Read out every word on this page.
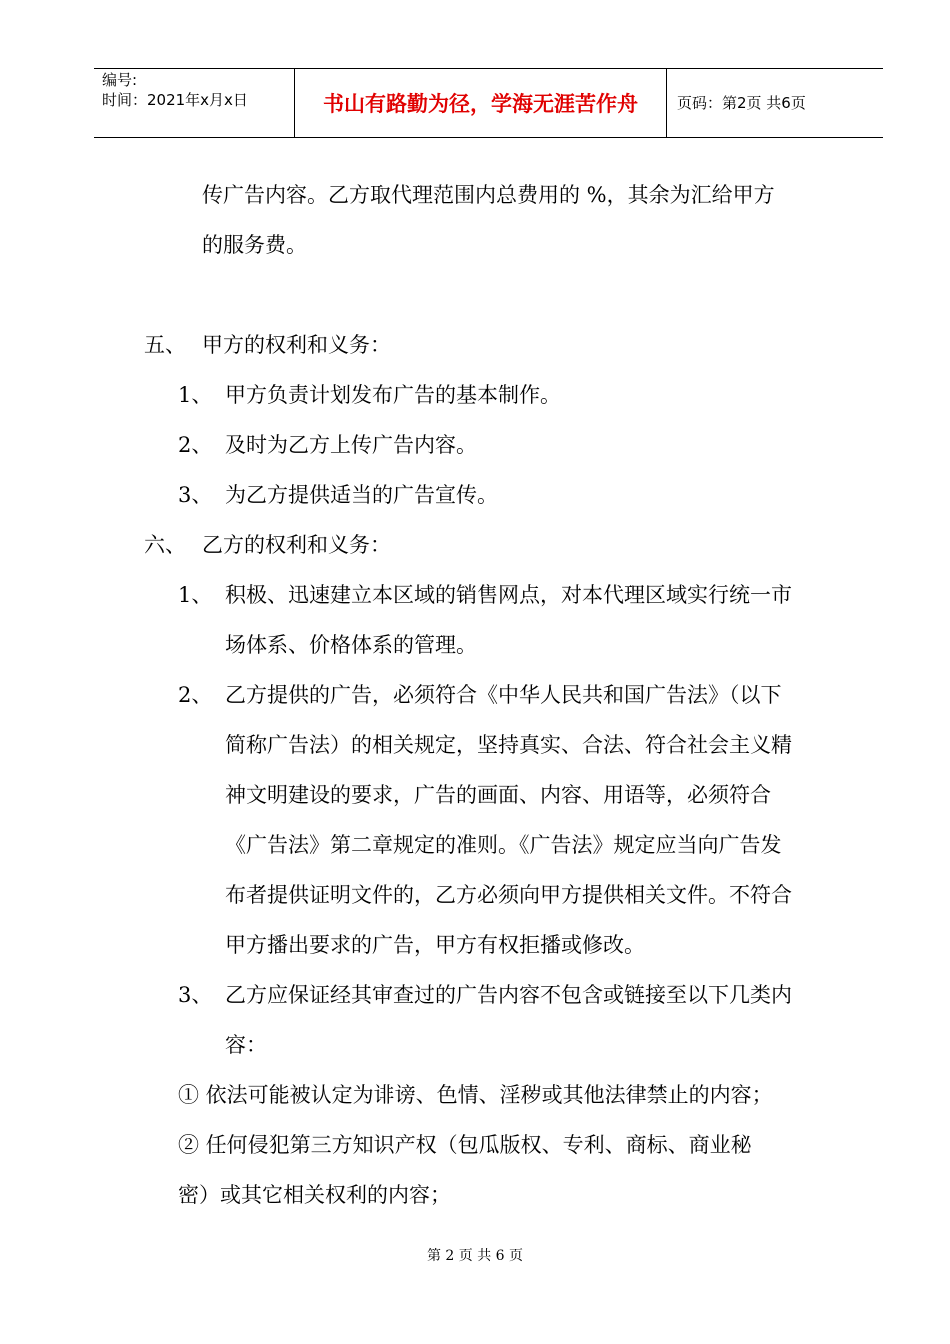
编号:
时间：2021年x月x日	书山有路勤为径，学海无涯苦作舟	页码：第2页 共6页
传广告内容。乙方取代理范围内总费用的 %，其余为汇给甲方
的服务费。
五、 甲方的权利和义务：
1、 甲方负责计划发布广告的基本制作。
2、 及时为乙方上传广告内容。
3、 为乙方提供适当的广告宣传。
六、 乙方的权利和义务：
1、 积极、迅速建立本区域的销售网点，对本代理区域实行统一市
场体系、价格体系的管理。
2、 乙方提供的广告，必须符合《中华人民共和国广告法》（以下
简称广告法）的相关规定，坚持真实、合法、符合社会主义精
神文明建设的要求，广告的画面、内容、用语等，必须符合
《广告法》第二章规定的准则。《广告法》规定应当向广告发
布者提供证明文件的，乙方必须向甲方提供相关文件。不符合
甲方播出要求的广告，甲方有权拒播或修改。
3、 乙方应保证经其审查过的广告内容不包含或链接至以下几类内
容：
① 依法可能被认定为诽谤、色情、淫秽或其他法律禁止的内容；
② 任何侵犯第三方知识产权（包瓜版权、专利、商标、商业秘
密）或其它相关权利的内容；
第 2 页 共 6 页
